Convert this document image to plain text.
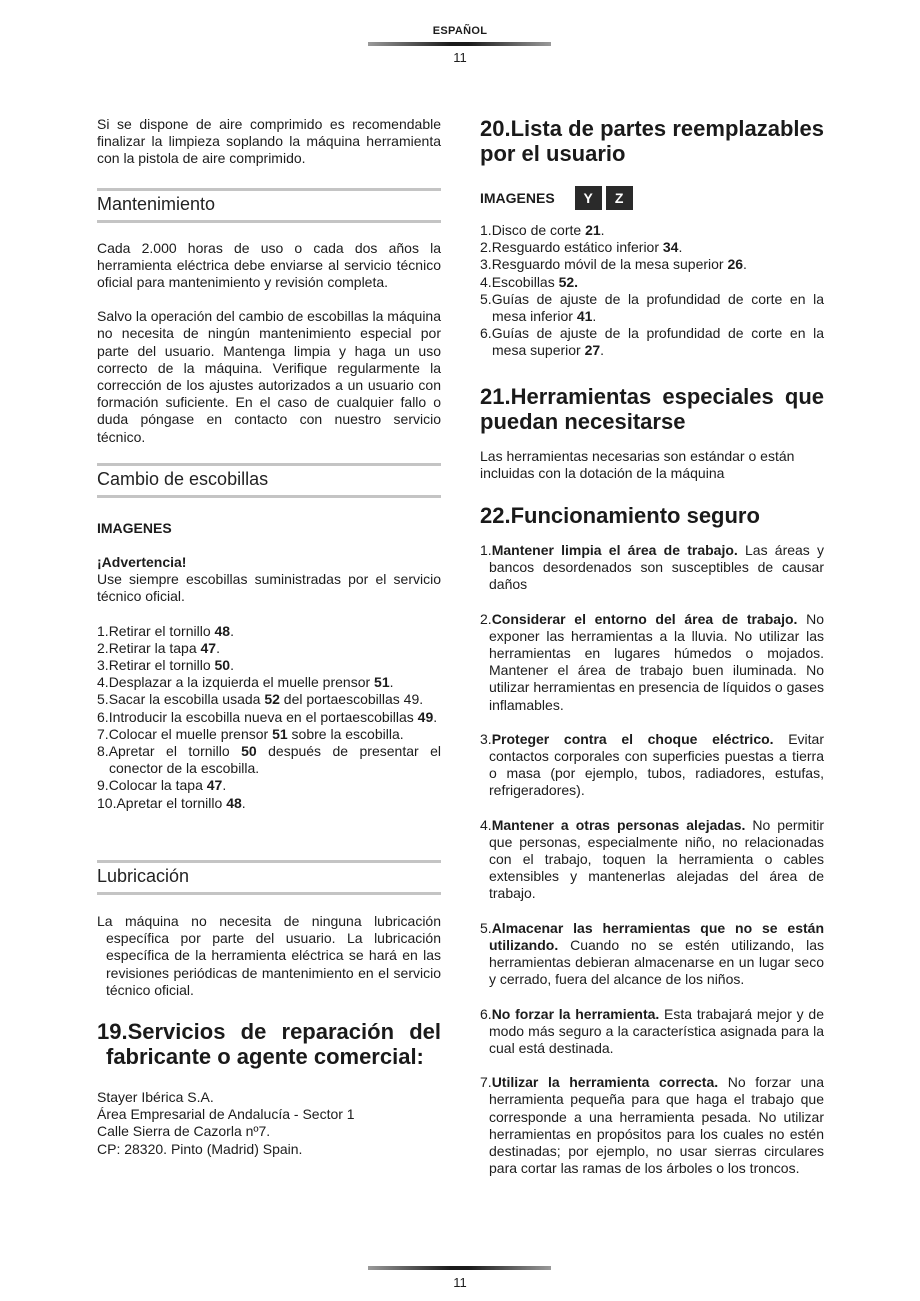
ESPAÑOL
11

Si se dispone de aire comprimido es recomendable finalizar la limpieza soplando la máquina herramienta con la pistola de aire comprimido.

Mantenimiento

Cada 2.000 horas de uso o cada dos años la herramienta eléctrica debe enviarse al servicio técnico oficial para mantenimiento y revisión completa.

Salvo la operación del cambio de escobillas la máquina no necesita de ningún mantenimiento especial por parte del usuario. Mantenga limpia y haga un uso correcto de la máquina. Verifique regularmente la corrección de los ajustes autorizados a un usuario con formación suficiente. En el caso de cualquier fallo o duda póngase en contacto con nuestro servicio técnico.

Cambio de escobillas

IMAGENES

¡Advertencia!

Use siempre escobillas suministradas por el servicio técnico oficial.

1.Retirar el tornillo 48.
2.Retirar la tapa 47.
3.Retirar el tornillo 50.
4.Desplazar a la izquierda el muelle prensor 51.
5.Sacar la escobilla usada 52 del portaescobillas 49.
6.Introducir la escobilla nueva en el portaescobillas 49.
7.Colocar el muelle prensor 51 sobre la escobilla.
8.Apretar el tornillo 50 después de presentar el conector de la escobilla.
9.Colocar la tapa 47.
10.Apretar el tornillo 48.
Lubricación

La máquina no necesita de ninguna lubricación específica por parte del usuario. La lubricación específica de la herramienta eléctrica se hará en las revisiones periódicas de mantenimiento en el servicio técnico oficial.

19.Servicios de reparación del fabricante o agente comercial:

Stayer Ibérica S.A.

Área Empresarial de Andalucía - Sector 1

Calle Sierra de Cazorla nº7.

CP: 28320. Pinto (Madrid) Spain.

20.Lista de partes reemplazables por el usuario
IMAGENES	Y	Z
1.Disco de corte 21.
2.Resguardo estático inferior 34.
3.Resguardo móvil de la mesa superior 26.
4.Escobillas 52.
5.Guías de ajuste de la profundidad de corte en la mesa inferior 41.
6.Guías de ajuste de la profundidad de corte en la mesa superior 27.
21.Herramientas especiales que puedan necesitarse

Las herramientas necesarias son estándar o están incluidas con la dotación de la máquina

22.Funcionamiento seguro

1.Mantener limpia el área de trabajo. Las áreas y bancos desordenados son susceptibles de causar daños

2.Considerar el entorno del área de trabajo. No exponer las herramientas a la lluvia. No utilizar las herramientas en lugares húmedos o mojados. Mantener el área de trabajo buen iluminada. No utilizar herramientas en presencia de líquidos o gases inflamables.

3.Proteger contra el choque eléctrico. Evitar contactos corporales con superficies puestas a tierra o masa (por ejemplo, tubos, radiadores, estufas, refrigeradores).

4.Mantener a otras personas alejadas. No permitir que personas, especialmente niño, no relacionadas con el trabajo, toquen la herramienta o cables extensibles y mantenerlas alejadas del área de trabajo.

5.Almacenar las herramientas que no se están utilizando. Cuando no se estén utilizando, las herramientas debieran almacenarse en un lugar seco y cerrado, fuera del alcance de los niños.

6.No forzar la herramienta. Esta trabajará mejor y de modo más seguro a la característica asignada para la cual está destinada.

7.Utilizar la herramienta correcta. No forzar una herramienta pequeña para que haga el trabajo que corresponde a una herramienta pesada. No utilizar herramientas en propósitos para los cuales no estén destinadas; por ejemplo, no usar sierras circulares para cortar las ramas de los árboles o los troncos.

11
